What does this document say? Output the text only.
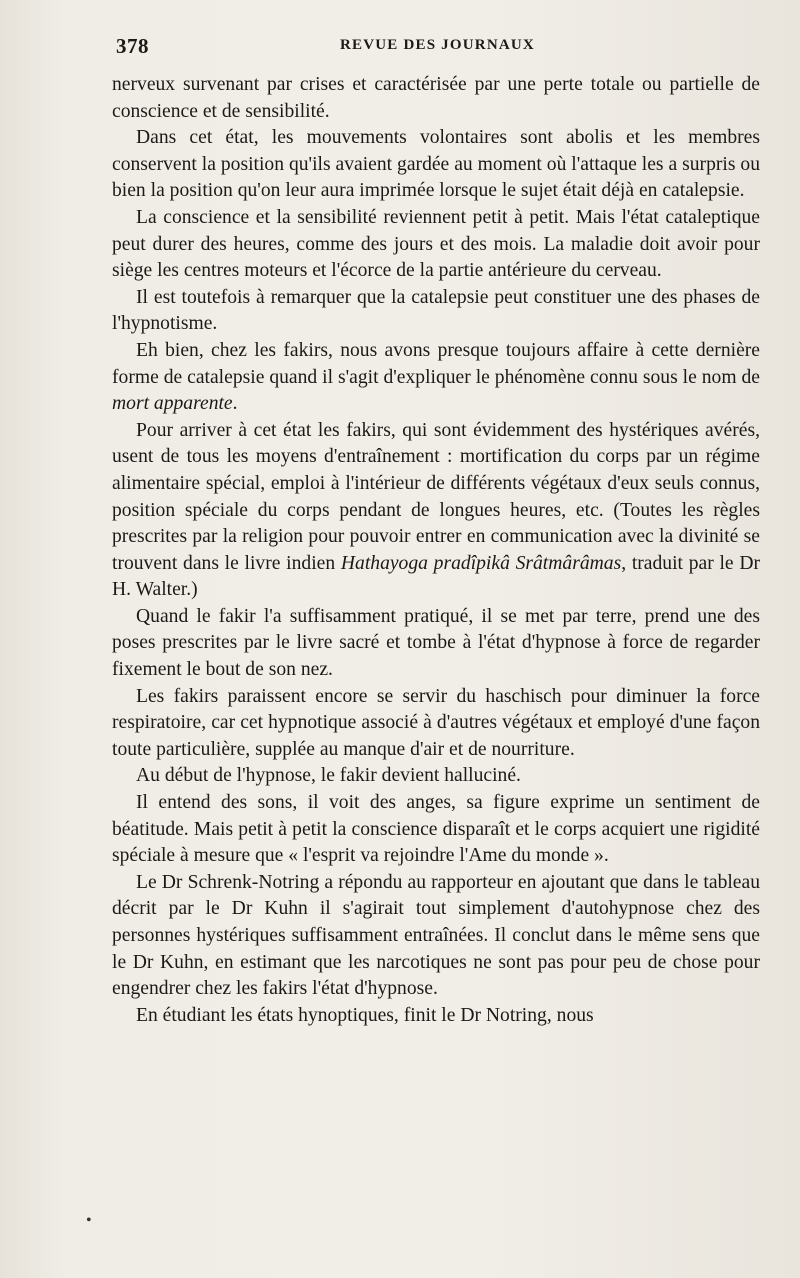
378	REVUE DES JOURNAUX

nerveux survenant par crises et caractérisée par une perte totale ou partielle de conscience et de sensibilité.

Dans cet état, les mouvements volontaires sont abolis et les membres conservent la position qu'ils avaient gardée au moment où l'attaque les a surpris ou bien la position qu'on leur aura imprimée lorsque le sujet était déjà en catalepsie.

La conscience et la sensibilité reviennent petit à petit. Mais l'état cataleptique peut durer des heures, comme des jours et des mois. La maladie doit avoir pour siège les centres moteurs et l'écorce de la partie antérieure du cerveau.

Il est toutefois à remarquer que la catalepsie peut constituer une des phases de l'hypnotisme.

Eh bien, chez les fakirs, nous avons presque toujours affaire à cette dernière forme de catalepsie quand il s'agit d'expliquer le phénomène connu sous le nom de mort apparente.

Pour arriver à cet état les fakirs, qui sont évidemment des hystériques avérés, usent de tous les moyens d'entraînement : mortification du corps par un régime alimentaire spécial, emploi à l'intérieur de différents végétaux d'eux seuls connus, position spéciale du corps pendant de longues heures, etc. (Toutes les règles prescrites par la religion pour pouvoir entrer en communication avec la divinité se trouvent dans le livre indien Hathayoga pradîpikâ Srâtmârâmas, traduit par le Dr H. Walter.)

Quand le fakir l'a suffisamment pratiqué, il se met par terre, prend une des poses prescrites par le livre sacré et tombe à l'état d'hypnose à force de regarder fixement le bout de son nez.

Les fakirs paraissent encore se servir du haschisch pour diminuer la force respiratoire, car cet hypnotique associé à d'autres végétaux et employé d'une façon toute particulière, supplée au manque d'air et de nourriture.

Au début de l'hypnose, le fakir devient halluciné.

Il entend des sons, il voit des anges, sa figure exprime un sentiment de béatitude. Mais petit à petit la conscience disparaît et le corps acquiert une rigidité spéciale à mesure que « l'esprit va rejoindre l'Ame du monde ».

Le Dr Schrenk-Notring a répondu au rapporteur en ajoutant que dans le tableau décrit par le Dr Kuhn il s'agirait tout simplement d'autohypnose chez des personnes hystériques suffisamment entraînées. Il conclut dans le même sens que le Dr Kuhn, en estimant que les narcotiques ne sont pas pour peu de chose pour engendrer chez les fakirs l'état d'hypnose.

En étudiant les états hynoptiques, finit le Dr Notring, nous

•
